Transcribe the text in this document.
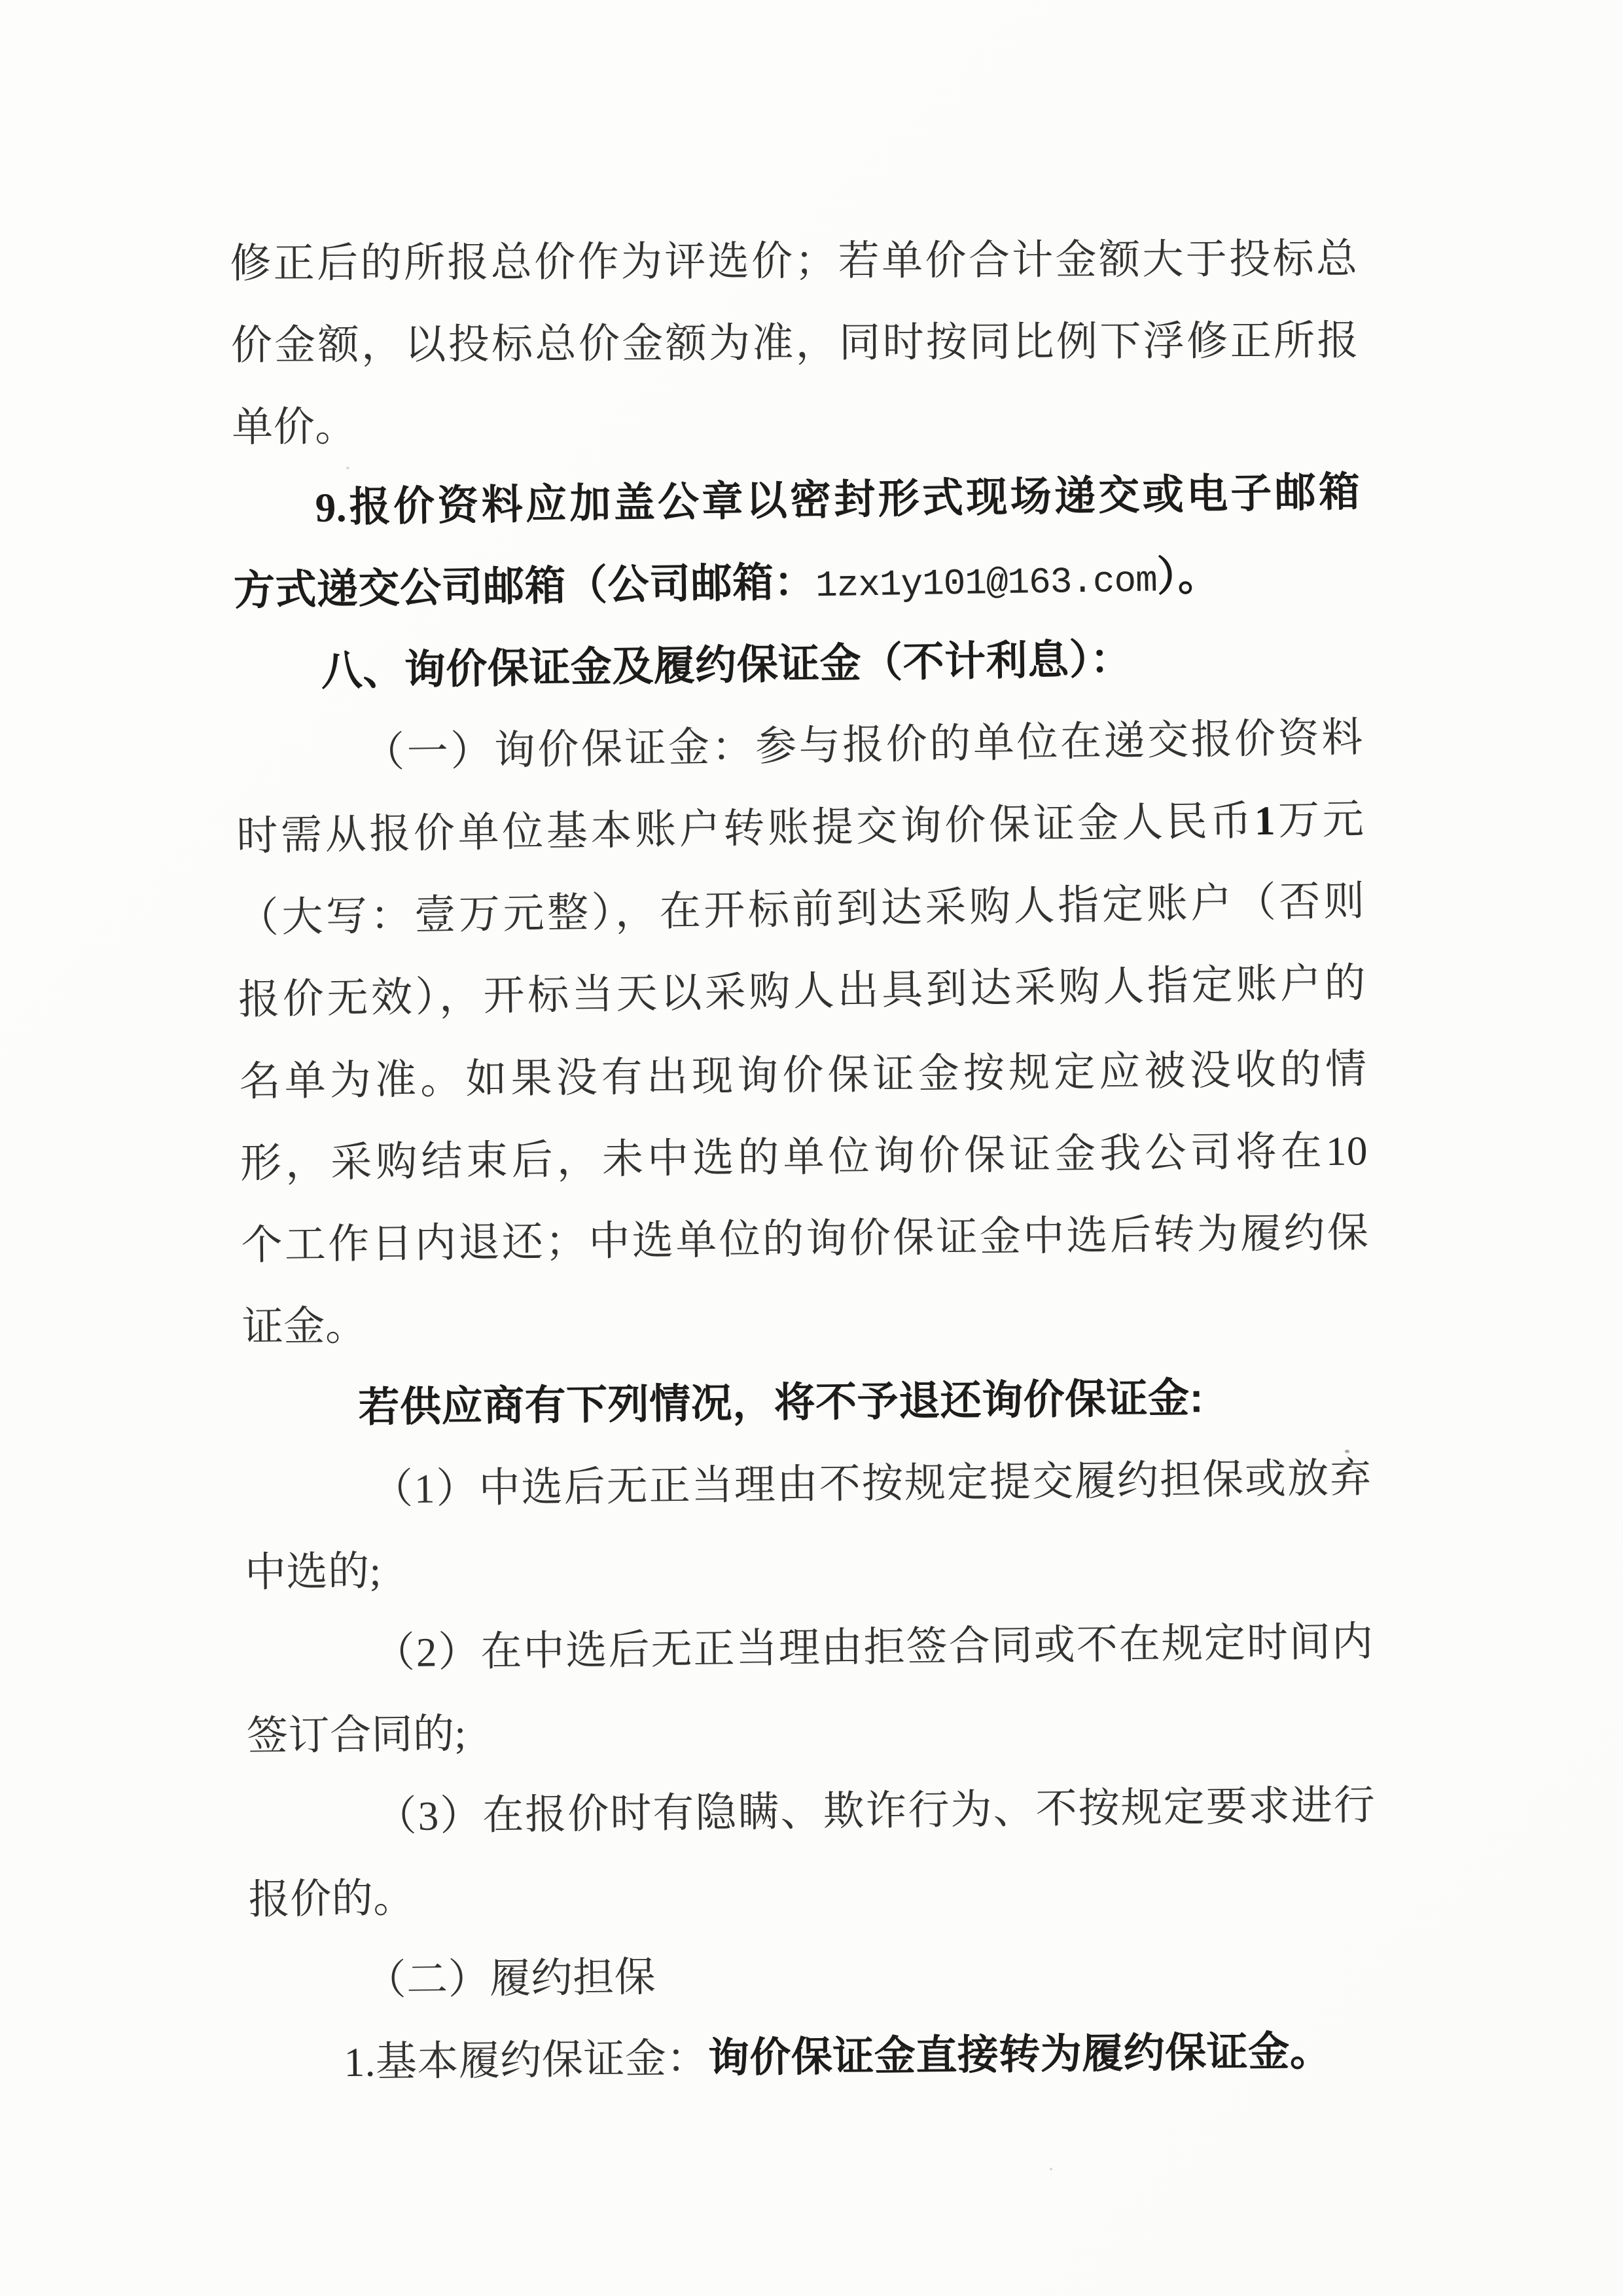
修正后的所报总价作为评选价；若单价合计金额大于投标总
价金额，以投标总价金额为准，同时按同比例下浮修正所报
单价。
9.报价资料应加盖公章以密封形式现场递交或电子邮箱
方式递交公司邮箱（公司邮箱：1zx1y101@163.com）。
八、询价保证金及履约保证金（不计利息）：
（一）询价保证金：参与报价的单位在递交报价资料
时需从报价单位基本账户转账提交询价保证金人民币1万元
（大写：壹万元整），在开标前到达采购人指定账户（否则
报价无效），开标当天以采购人出具到达采购人指定账户的
名单为准。如果没有出现询价保证金按规定应被没收的情
形，采购结束后，未中选的单位询价保证金我公司将在10
个工作日内退还；中选单位的询价保证金中选后转为履约保
证金。
若供应商有下列情况，将不予退还询价保证金:
（1）中选后无正当理由不按规定提交履约担保或放弃
中选的;
（2）在中选后无正当理由拒签合同或不在规定时间内
签订合同的;
（3）在报价时有隐瞒、欺诈行为、不按规定要求进行
报价的。
（二）履约担保
1.基本履约保证金：询价保证金直接转为履约保证金。
